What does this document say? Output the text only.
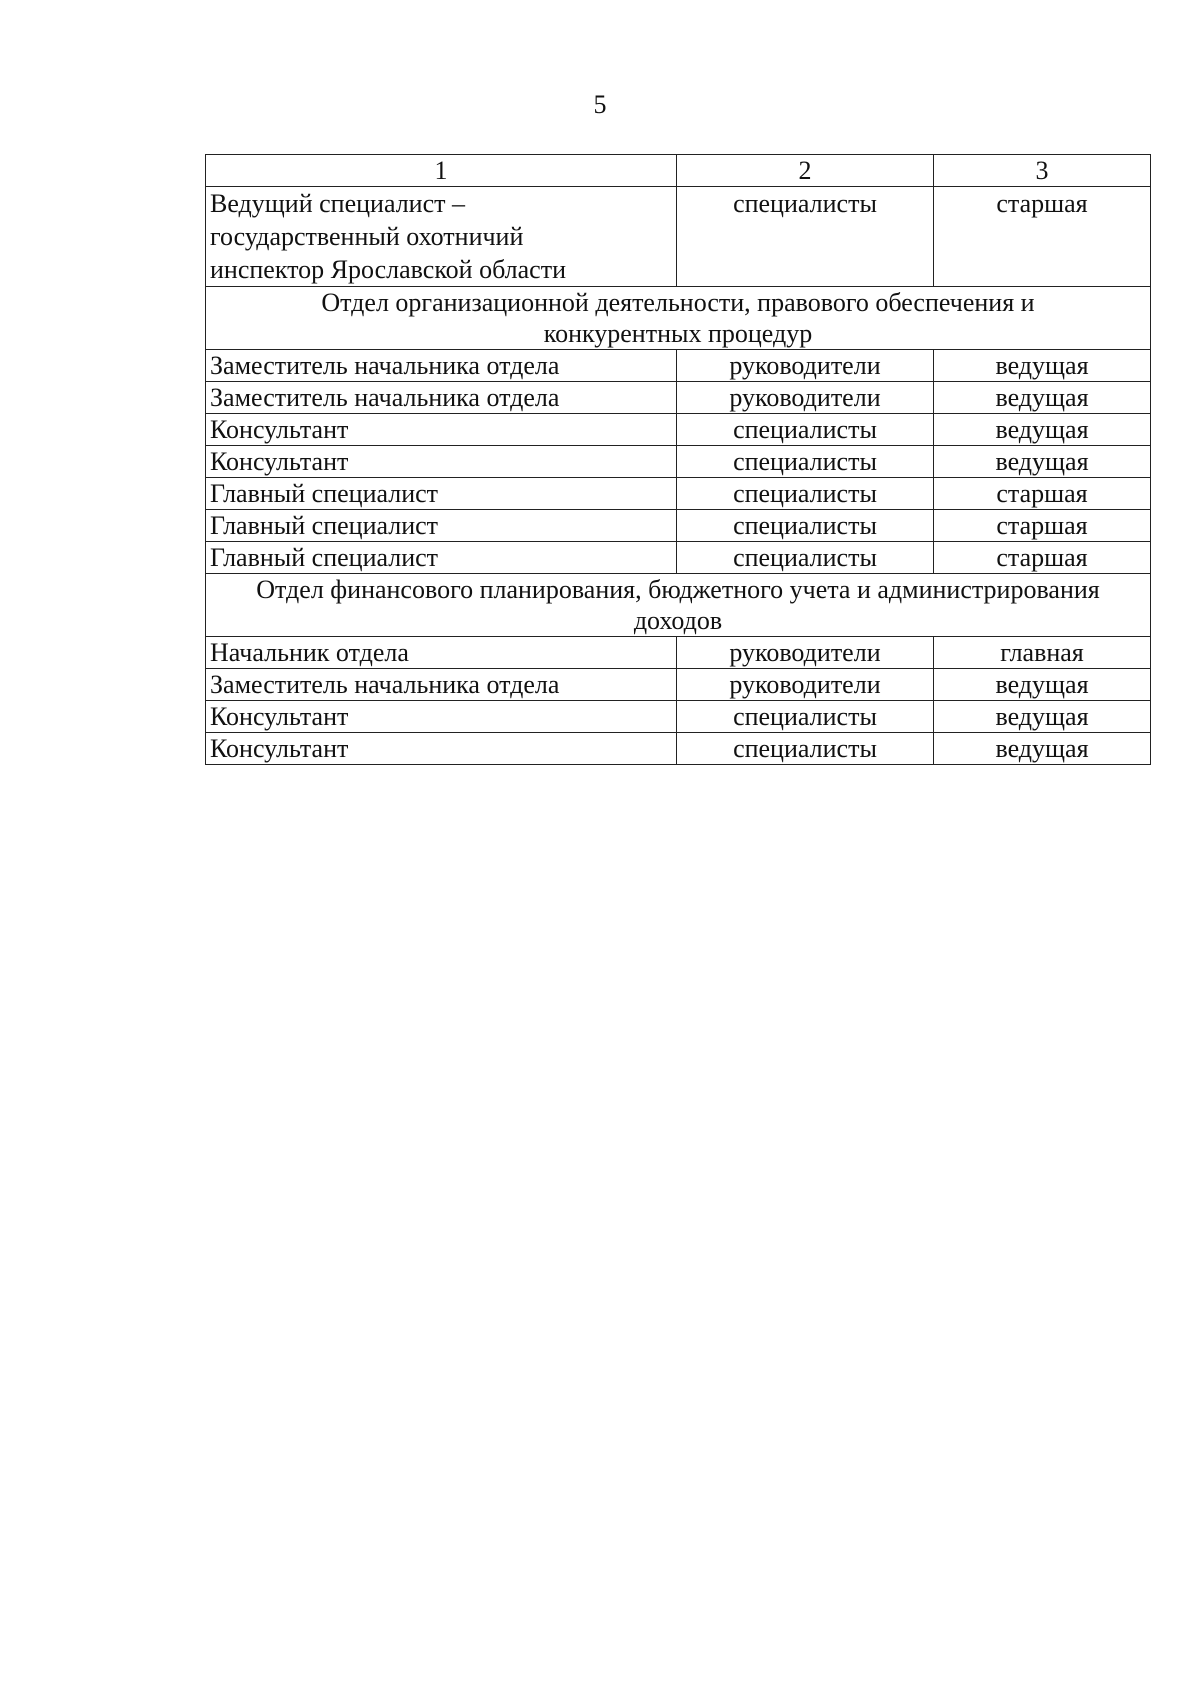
5
1	2	3

Ведущий специалист –
государственный охотничий
инспектор Ярославской области	специалисты	старшая

Отдел организационной деятельности, правового обеспечения и
конкурентных процедур		

Заместитель начальника отдела	руководители	ведущая
Заместитель начальника отдела	руководители	ведущая
Консультант	специалисты	ведущая
Консультант	специалисты	ведущая
Главный специалист	специалисты	старшая
Главный специалист	специалисты	старшая
Главный специалист	специалисты	старшая

Отдел финансового планирования, бюджетного учета и администрирования
доходов		

Начальник отдела	руководители	главная
Заместитель начальника отдела	руководители	ведущая
Консультант	специалисты	ведущая
Консультант	специалисты	ведущая
